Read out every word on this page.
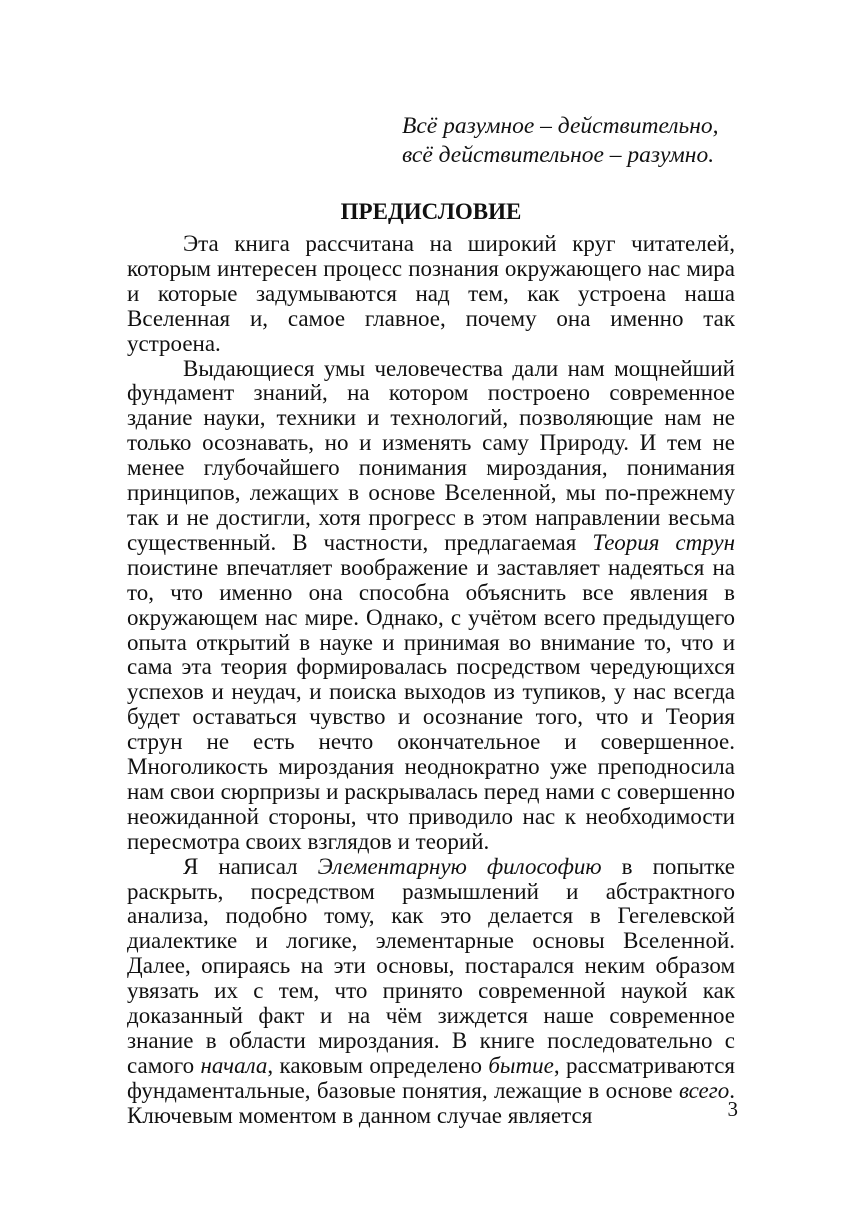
Всё разумное – действительно,
всё действительное – разумно.
ПРЕДИСЛОВИЕ

Эта книга рассчитана на широкий круг читателей, которым интересен процесс познания окружающего нас мира и которые задумываются над тем, как устроена наша Вселенная и, самое главное, почему она именно так устроена.

Выдающиеся умы человечества дали нам мощнейший фундамент знаний, на котором построено современное здание науки, техники и технологий, позволяющие нам не только осознавать, но и изменять саму Природу. И тем не менее глубочайшего понимания мироздания, понимания принципов, лежащих в основе Вселенной, мы по-прежнему так и не достигли, хотя прогресс в этом направлении весьма существенный. В частности, предлагаемая Теория струн поистине впечатляет воображение и заставляет надеяться на то, что именно она способна объяснить все явления в окружающем нас мире. Однако, с учётом всего предыдущего опыта открытий в науке и принимая во внимание то, что и сама эта теория формировалась посредством чередующихся успехов и неудач, и поиска выходов из тупиков, у нас всегда будет оставаться чувство и осознание того, что и Теория струн не есть нечто окончательное и совершенное. Многоликость мироздания неоднократно уже преподносила нам свои сюрпризы и раскрывалась перед нами с совершенно неожиданной стороны, что приводило нас к необходимости пересмотра своих взглядов и теорий.

Я написал Элементарную философию в попытке раскрыть, посредством размышлений и абстрактного анализа, подобно тому, как это делается в Гегелевской диалектике и логике, элементарные основы Вселенной. Далее, опираясь на эти основы, постарался неким образом увязать их с тем, что принято современной наукой как доказанный факт и на чём зиждется наше современное знание в области мироздания. В книге последовательно с самого начала, каковым определено бытие, рассматриваются фундаментальные, базовые понятия, лежащие в основе всего. Ключевым моментом в данном случае является	3
